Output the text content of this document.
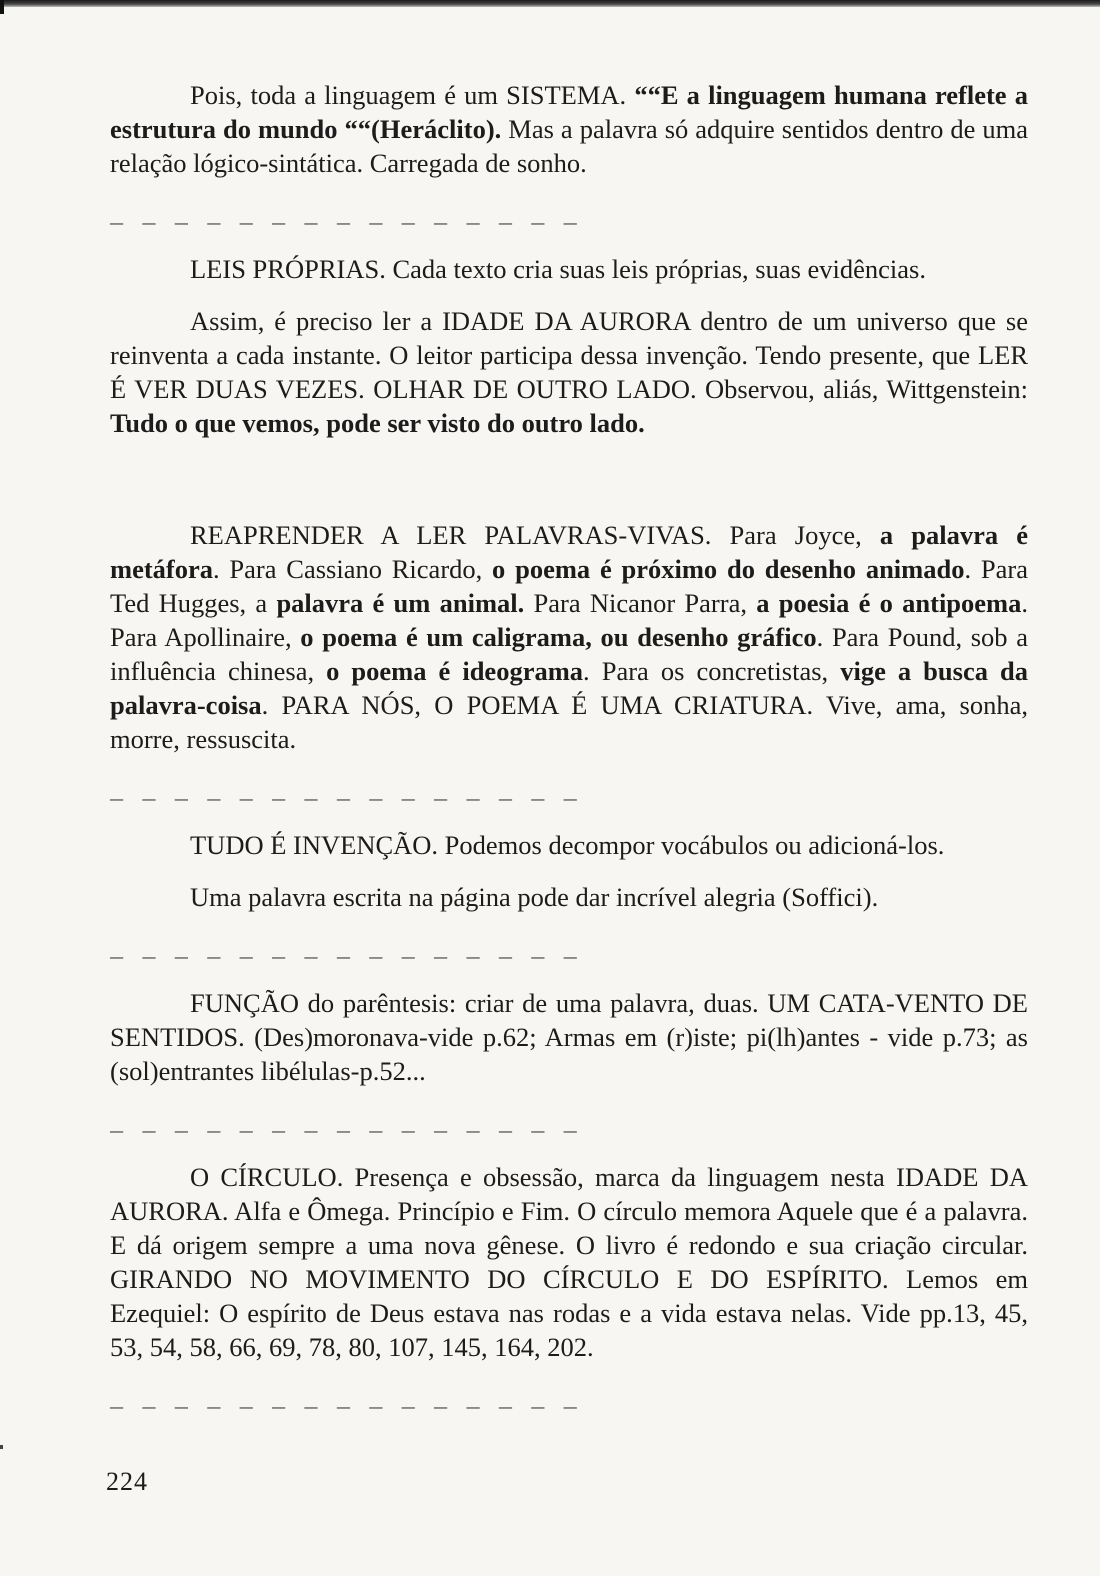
Pois, toda a linguagem é um SISTEMA. ““E a linguagem humana reflete a estrutura do mundo ““(Heráclito). Mas a palavra só adquire sentidos dentro de uma relação lógico-sintática. Carregada de sonho.

_ _ _ _ _ _ _ _ _ _ _ _ _ _ _

LEIS PRÓPRIAS. Cada texto cria suas leis próprias, suas evidências.

Assim, é preciso ler a IDADE DA AURORA dentro de um universo que se reinventa a cada instante. O leitor participa dessa invenção. Tendo presente, que LER É VER DUAS VEZES. OLHAR DE OUTRO LADO. Observou, aliás, Wittgenstein: Tudo o que vemos, pode ser visto do outro lado.

REAPRENDER A LER PALAVRAS-VIVAS. Para Joyce, a palavra é metáfora. Para Cassiano Ricardo, o poema é próximo do desenho animado. Para Ted Hugges, a palavra é um animal. Para Nicanor Parra, a poesia é o antipoema. Para Apollinaire, o poema é um caligrama, ou desenho gráfico. Para Pound, sob a influência chinesa, o poema é ideograma. Para os concretistas, vige a busca da palavra-coisa. PARA NÓS, O POEMA É UMA CRIATURA. Vive, ama, sonha, morre, ressuscita.

_ _ _ _ _ _ _ _ _ _ _ _ _ _ _

TUDO É INVENÇÃO. Podemos decompor vocábulos ou adicioná-los.

Uma palavra escrita na página pode dar incrível alegria (Soffici).

_ _ _ _ _ _ _ _ _ _ _ _ _ _ _

FUNÇÃO do parêntesis: criar de uma palavra, duas. UM CATA-VENTO DE SENTIDOS. (Des)moronava-vide p.62; Armas em (r)iste; pi(lh)antes - vide p.73; as (sol)entrantes libélulas-p.52...

_ _ _ _ _ _ _ _ _ _ _ _ _ _ _

O CÍRCULO. Presença e obsessão, marca da linguagem nesta IDADE DA AURORA. Alfa e Ômega. Princípio e Fim. O círculo memora Aquele que é a palavra. E dá origem sempre a uma nova gênese. O livro é redondo e sua criação circular. GIRANDO NO MOVIMENTO DO CÍRCULO E DO ESPÍRITO. Lemos em Ezequiel: O espírito de Deus estava nas rodas e a vida estava nelas. Vide pp.13, 45, 53, 54, 58, 66, 69, 78, 80, 107, 145, 164, 202.

_ _ _ _ _ _ _ _ _ _ _ _ _ _ _
224
